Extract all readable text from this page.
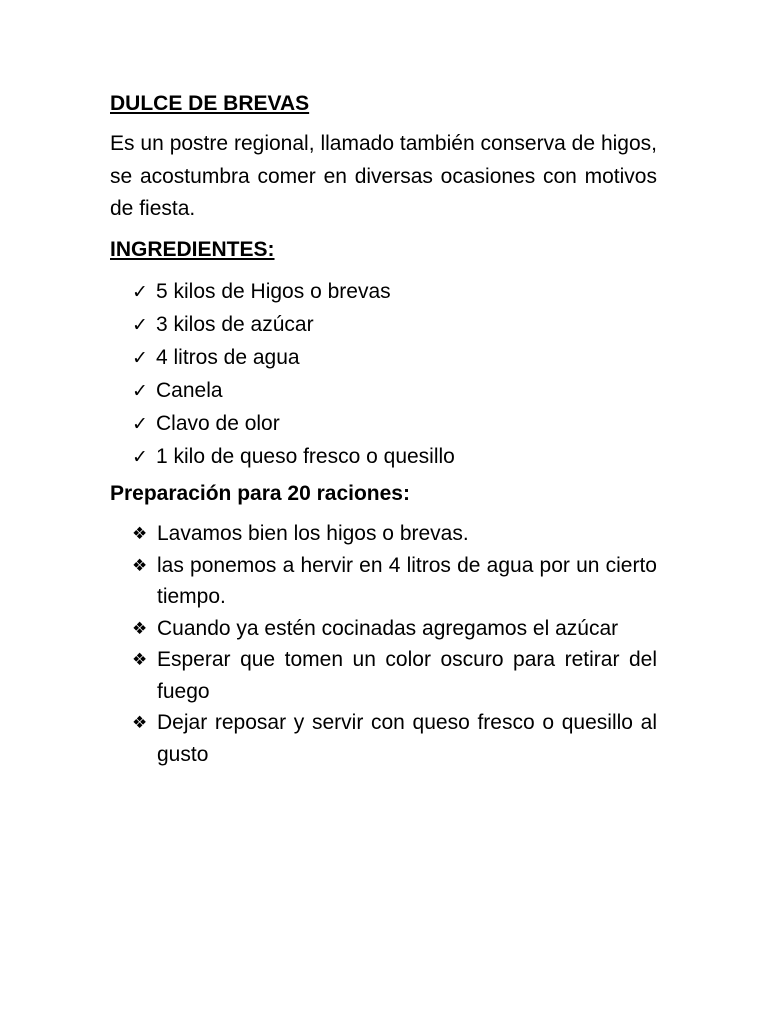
DULCE DE BREVAS

Es un postre regional, llamado también conserva de higos, se acostumbra comer en diversas ocasiones con motivos de fiesta.

INGREDIENTES:
✓ 5 kilos de Higos o brevas
✓ 3 kilos de azúcar
✓ 4 litros de agua
✓ Canela
✓ Clavo de olor
✓ 1 kilo de queso fresco o quesillo
Preparación para 20 raciones:
❖ Lavamos bien los higos o brevas.
❖ las ponemos a hervir en 4 litros de agua por un cierto tiempo.
❖ Cuando ya estén cocinadas agregamos el azúcar
❖ Esperar que tomen un color oscuro para retirar del fuego
❖ Dejar reposar y servir con queso fresco o quesillo al gusto
